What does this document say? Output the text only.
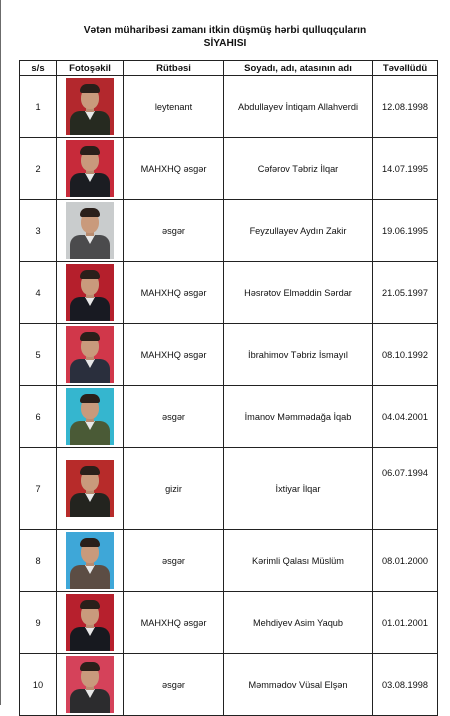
Vətən müharibəsi zamanı itkin düşmüş hərbi qulluqçuların
SİYAHISI
s/s	Fotoşəkil	Rütbəsi	Soyadı, adı, atasının adı	Təvəllüdü
1		leytenant	Abdullayev İntiqam Allahverdi	12.08.1998
2		MAHXHQ əsgər	Cəfərov Təbriz İlqar	14.07.1995
3		əsgər	Feyzullayev Aydın Zakir	19.06.1995
4		MAHXHQ əsgər	Həsrətov Elməddin Sərdar	21.05.1997
5		MAHXHQ əsgər	İbrahimov Təbriz İsmayıl	08.10.1992
6		əsgər	İmanov Məmmədağa İqab	04.04.2001
7		gizir	İxtiyar İlqar	06.07.1994
8		əsgər	Kərimli Qalası Müslüm	08.01.2000
9		MAHXHQ əsgər	Mehdiyev Asim Yaqub	01.01.2001
10		əsgər	Məmmədov Vüsal Elşən	03.08.1998
